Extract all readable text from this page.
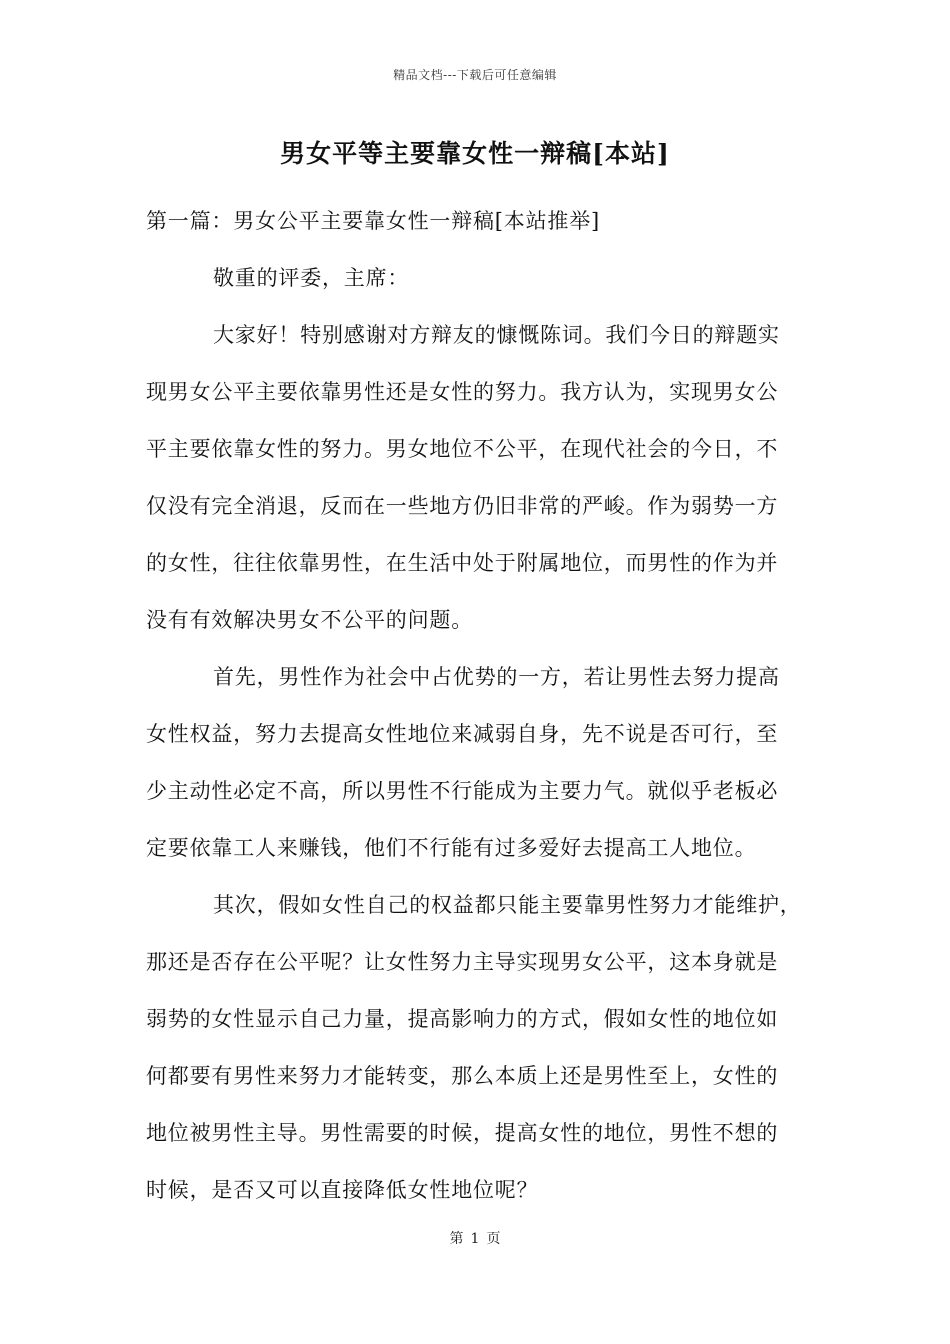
精品文档---下载后可任意编辑
男女平等主要靠女性一辩稿[本站]
第一篇：男女公平主要靠女性一辩稿[本站推举]
敬重的评委，主席：
大家好！特别感谢对方辩友的慷慨陈词。我们今日的辩题实
现男女公平主要依靠男性还是女性的努力。我方认为，实现男女公
平主要依靠女性的努力。男女地位不公平，在现代社会的今日，不
仅没有完全消退，反而在一些地方仍旧非常的严峻。作为弱势一方
的女性，往往依靠男性，在生活中处于附属地位，而男性的作为并
没有有效解决男女不公平的问题。
首先，男性作为社会中占优势的一方，若让男性去努力提高
女性权益，努力去提高女性地位来减弱自身，先不说是否可行，至
少主动性必定不高，所以男性不行能成为主要力气。就似乎老板必
定要依靠工人来赚钱，他们不行能有过多爱好去提高工人地位。
其次，假如女性自己的权益都只能主要靠男性努力才能维护，
那还是否存在公平呢？让女性努力主导实现男女公平，这本身就是
弱势的女性显示自己力量，提高影响力的方式，假如女性的地位如
何都要有男性来努力才能转变，那么本质上还是男性至上，女性的
地位被男性主导。男性需要的时候，提高女性的地位，男性不想的
时候，是否又可以直接降低女性地位呢？
第 1 页
